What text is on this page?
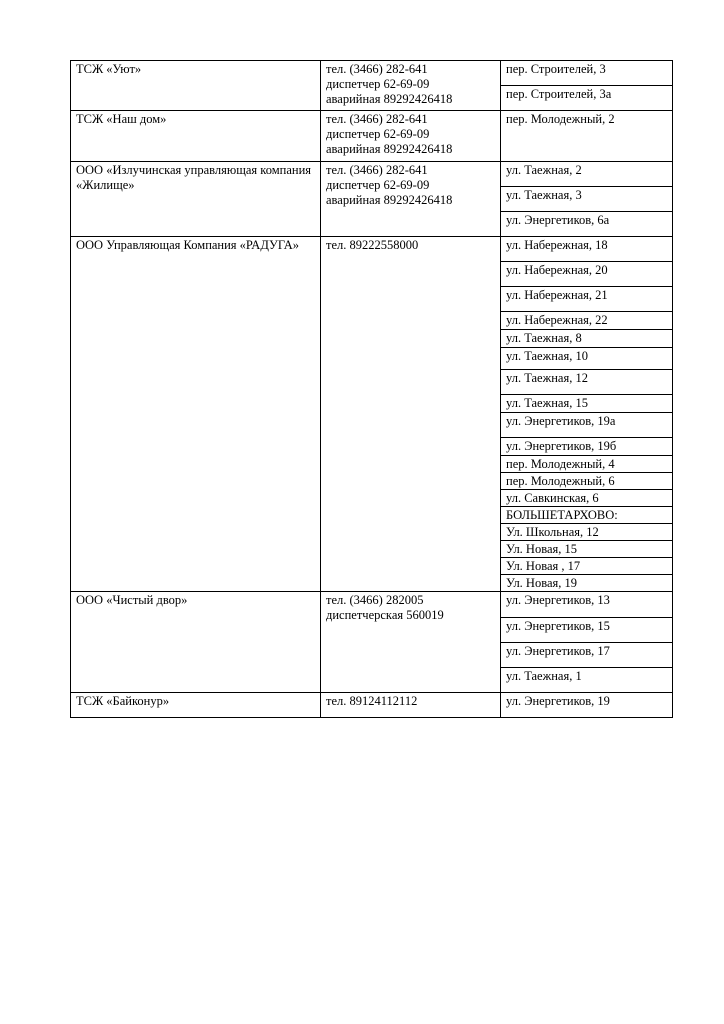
ТСЖ «Уют»	тел. (3466) 282-641
диспетчер 62-69-09
аварийная 89292426418	пер. Строителей, 3

		пер. Строителей, 3а

ТСЖ «Наш дом»	тел. (3466) 282-641
диспетчер 62-69-09
аварийная 89292426418	пер. Молодежный, 2

ООО «Излучинская управляющая компания «Жилище»	тел. (3466) 282-641
диспетчер 62-69-09
аварийная 89292426418	ул. Таежная, 2

		ул. Таежная, 3

		ул. Энергетиков, 6а

ООО Управляющая Компания «РАДУГА»	тел. 89222558000	ул. Набережная, 18

		ул. Набережная, 20

		ул. Набережная, 21

		ул. Набережная, 22

		ул. Таежная, 8

		ул. Таежная, 10

		ул. Таежная, 12

		ул. Таежная, 15

		ул. Энергетиков, 19а

		ул. Энергетиков, 19б

		пер. Молодежный, 4

		пер. Молодежный, 6

		ул. Савкинская, 6

		БОЛЬШЕТАРХОВО:

		Ул. Школьная, 12

		Ул. Новая, 15

		Ул. Новая , 17

		Ул. Новая, 19

ООО «Чистый двор»	тел. (3466) 282005
диспетчерская 560019	ул. Энергетиков, 13

		ул. Энергетиков, 15

		ул. Энергетиков, 17

		ул. Таежная, 1

ТСЖ «Байконур»	тел. 89124112112	ул. Энергетиков, 19
